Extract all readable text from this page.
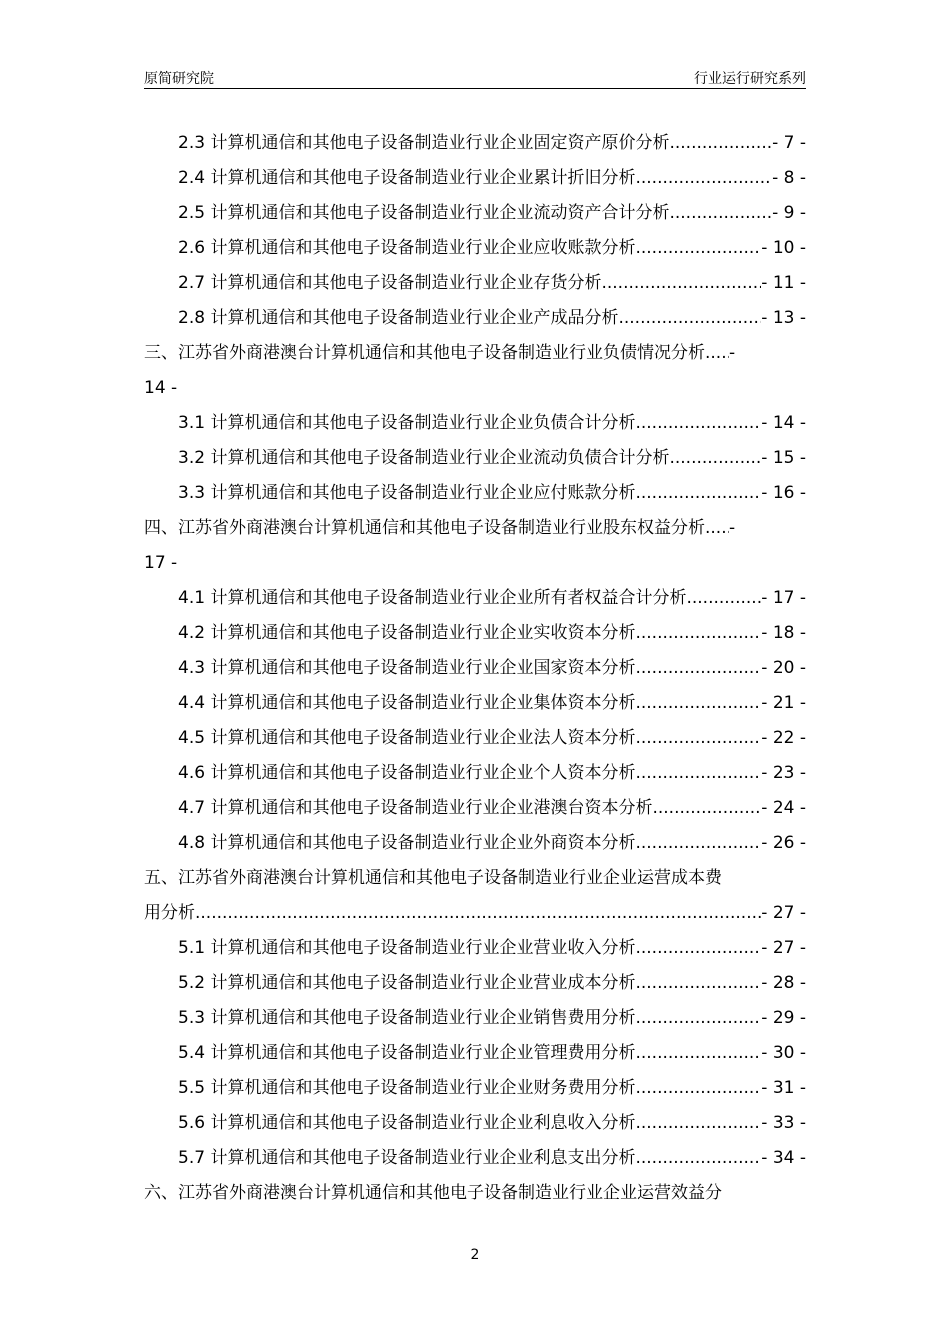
原简研究院	行业运行研究系列
2.3 计算机通信和其他电子设备制造业行业企业固定资产原价分析 .....	- 7 -
2.4 计算机通信和其他电子设备制造业行业企业累计折旧分析 .....	- 8 -
2.5 计算机通信和其他电子设备制造业行业企业流动资产合计分析 .....	- 9 -
2.6 计算机通信和其他电子设备制造业行业企业应收账款分析 .....	- 10 -
2.7 计算机通信和其他电子设备制造业行业企业存货分析 .....	- 11 -
2.8 计算机通信和其他电子设备制造业行业企业产成品分析 .....	- 13 -
三、江苏省外商港澳台计算机通信和其他电子设备制造业行业负债情况分析 ..... -
14 -
3.1 计算机通信和其他电子设备制造业行业企业负债合计分析 .....	- 14 -
3.2 计算机通信和其他电子设备制造业行业企业流动负债合计分析 .....	- 15 -
3.3 计算机通信和其他电子设备制造业行业企业应付账款分析 .....	- 16 -
四、江苏省外商港澳台计算机通信和其他电子设备制造业行业股东权益分析 ..... -
17 -
4.1 计算机通信和其他电子设备制造业行业企业所有者权益合计分析 .....	- 17 -
4.2 计算机通信和其他电子设备制造业行业企业实收资本分析 .....	- 18 -
4.3 计算机通信和其他电子设备制造业行业企业国家资本分析 .....	- 20 -
4.4 计算机通信和其他电子设备制造业行业企业集体资本分析 .....	- 21 -
4.5 计算机通信和其他电子设备制造业行业企业法人资本分析 .....	- 22 -
4.6 计算机通信和其他电子设备制造业行业企业个人资本分析 .....	- 23 -
4.7 计算机通信和其他电子设备制造业行业企业港澳台资本分析 .....	- 24 -
4.8 计算机通信和其他电子设备制造业行业企业外商资本分析 .....	- 26 -
五、江苏省外商港澳台计算机通信和其他电子设备制造业行业企业运营成本费
用分析 .....	- 27 -
5.1 计算机通信和其他电子设备制造业行业企业营业收入分析 .....	- 27 -
5.2 计算机通信和其他电子设备制造业行业企业营业成本分析 .....	- 28 -
5.3 计算机通信和其他电子设备制造业行业企业销售费用分析 .....	- 29 -
5.4 计算机通信和其他电子设备制造业行业企业管理费用分析 .....	- 30 -
5.5 计算机通信和其他电子设备制造业行业企业财务费用分析 .....	- 31 -
5.6 计算机通信和其他电子设备制造业行业企业利息收入分析 .....	- 33 -
5.7 计算机通信和其他电子设备制造业行业企业利息支出分析 .....	- 34 -
六、江苏省外商港澳台计算机通信和其他电子设备制造业行业企业运营效益分
2
